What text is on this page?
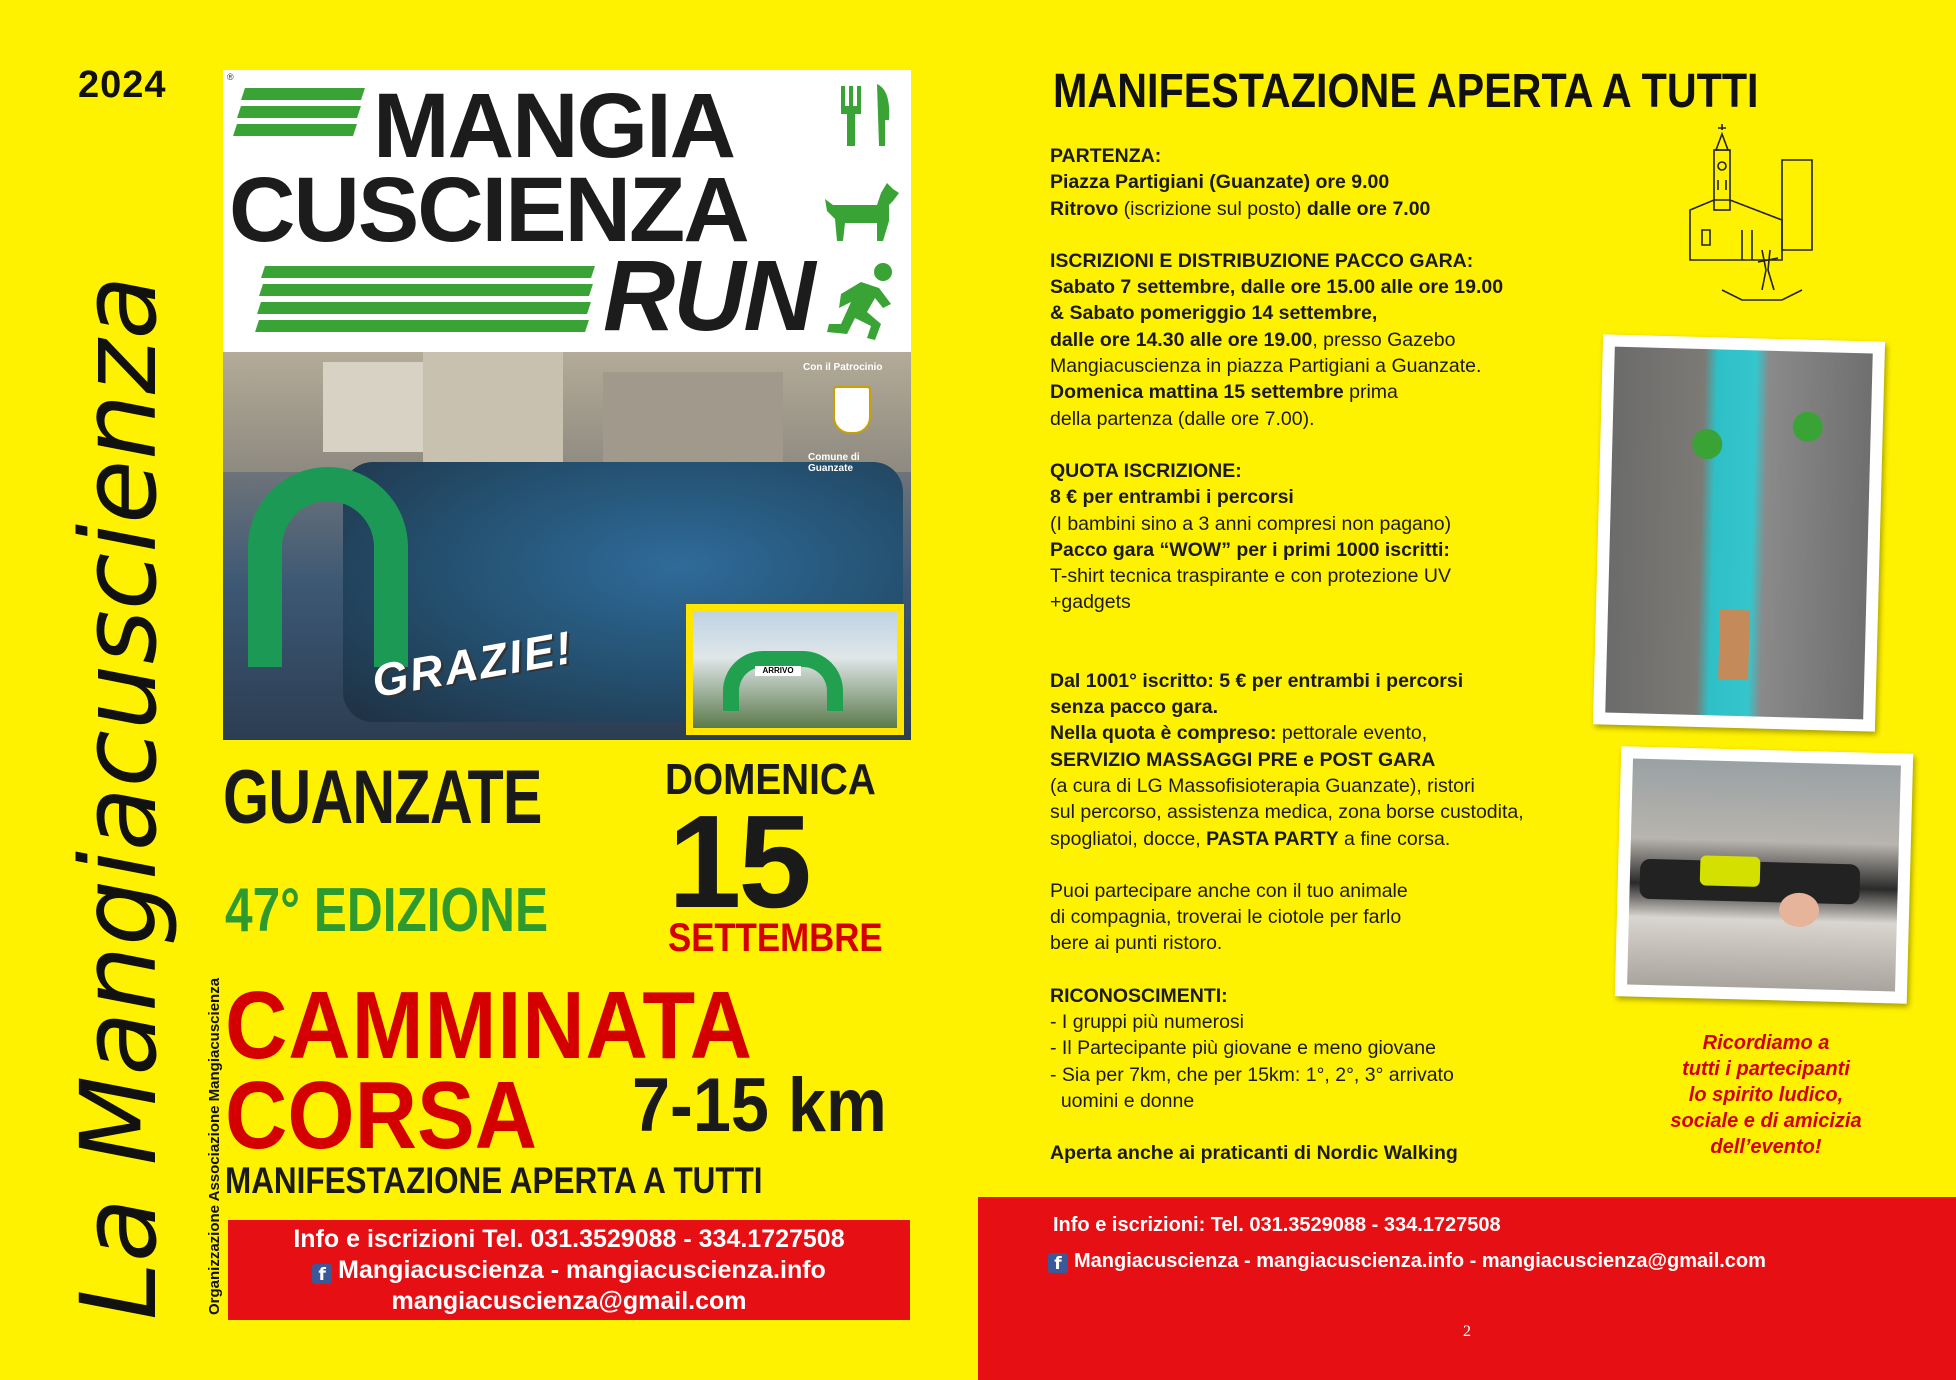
2024
La Mangiacuscienza Organizzazione Associazione Mangiacuscienza
® MANGIA
CUSCIENZA
RUN
Con il Patrocinio
Comune di
Guanzate
GRAZIE!	ARRIVO
GUANZATE	DOMENICA
15
SETTEMBRE
47° EDIZIONE
CAMMINATA
CORSA 7-15 km
MANIFESTAZIONE APERTA A TUTTI
Info e iscrizioni Tel. 031.3529088 - 334.1727508
f Mangiacuscienza - mangiacuscienza.info
mangiacuscienza@gmail.com
MANIFESTAZIONE APERTA A TUTTI

PARTENZA:

Piazza Partigiani (Guanzate) ore 9.00

Ritrovo (iscrizione sul posto) dalle ore 7.00

ISCRIZIONI E DISTRIBUZIONE PACCO GARA:

Sabato 7 settembre, dalle ore 15.00 alle ore 19.00

& Sabato pomeriggio 14 settembre,

dalle ore 14.30 alle ore 19.00, presso Gazebo

Mangiacuscienza in piazza Partigiani a Guanzate.

Domenica mattina 15 settembre prima

della partenza (dalle ore 7.00).

QUOTA ISCRIZIONE:

8 € per entrambi i percorsi

(I bambini sino a 3 anni compresi non pagano)

Pacco gara “WOW” per i primi 1000 iscritti:

T-shirt tecnica traspirante e con protezione UV

+gadgets

Dal 1001° iscritto: 5 € per entrambi i percorsi

senza pacco gara.

Nella quota è compreso: pettorale evento,

SERVIZIO MASSAGGI PRE e POST GARA

(a cura di LG Massofisioterapia Guanzate), ristori

sul percorso, assistenza medica, zona borse custodita,

spogliatoi, docce, PASTA PARTY a fine corsa.

Puoi partecipare anche con il tuo animale

di compagnia, troverai le ciotole per farlo

bere ai punti ristoro.

RICONOSCIMENTI:

- I gruppi più numerosi

- Il Partecipante più giovane e meno giovane

- Sia per 7km, che per 15km: 1°, 2°, 3° arrivato

uomini e donne

Aperta anche ai praticanti di Nordic Walking

Ricordiamo a
tutti i partecipanti
lo spirito ludico,
sociale e di amicizia
dell’evento!
Info e iscrizioni: Tel. 031.3529088 - 334.1727508
f Mangiacuscienza - mangiacuscienza.info - mangiacuscienza@gmail.com
2
